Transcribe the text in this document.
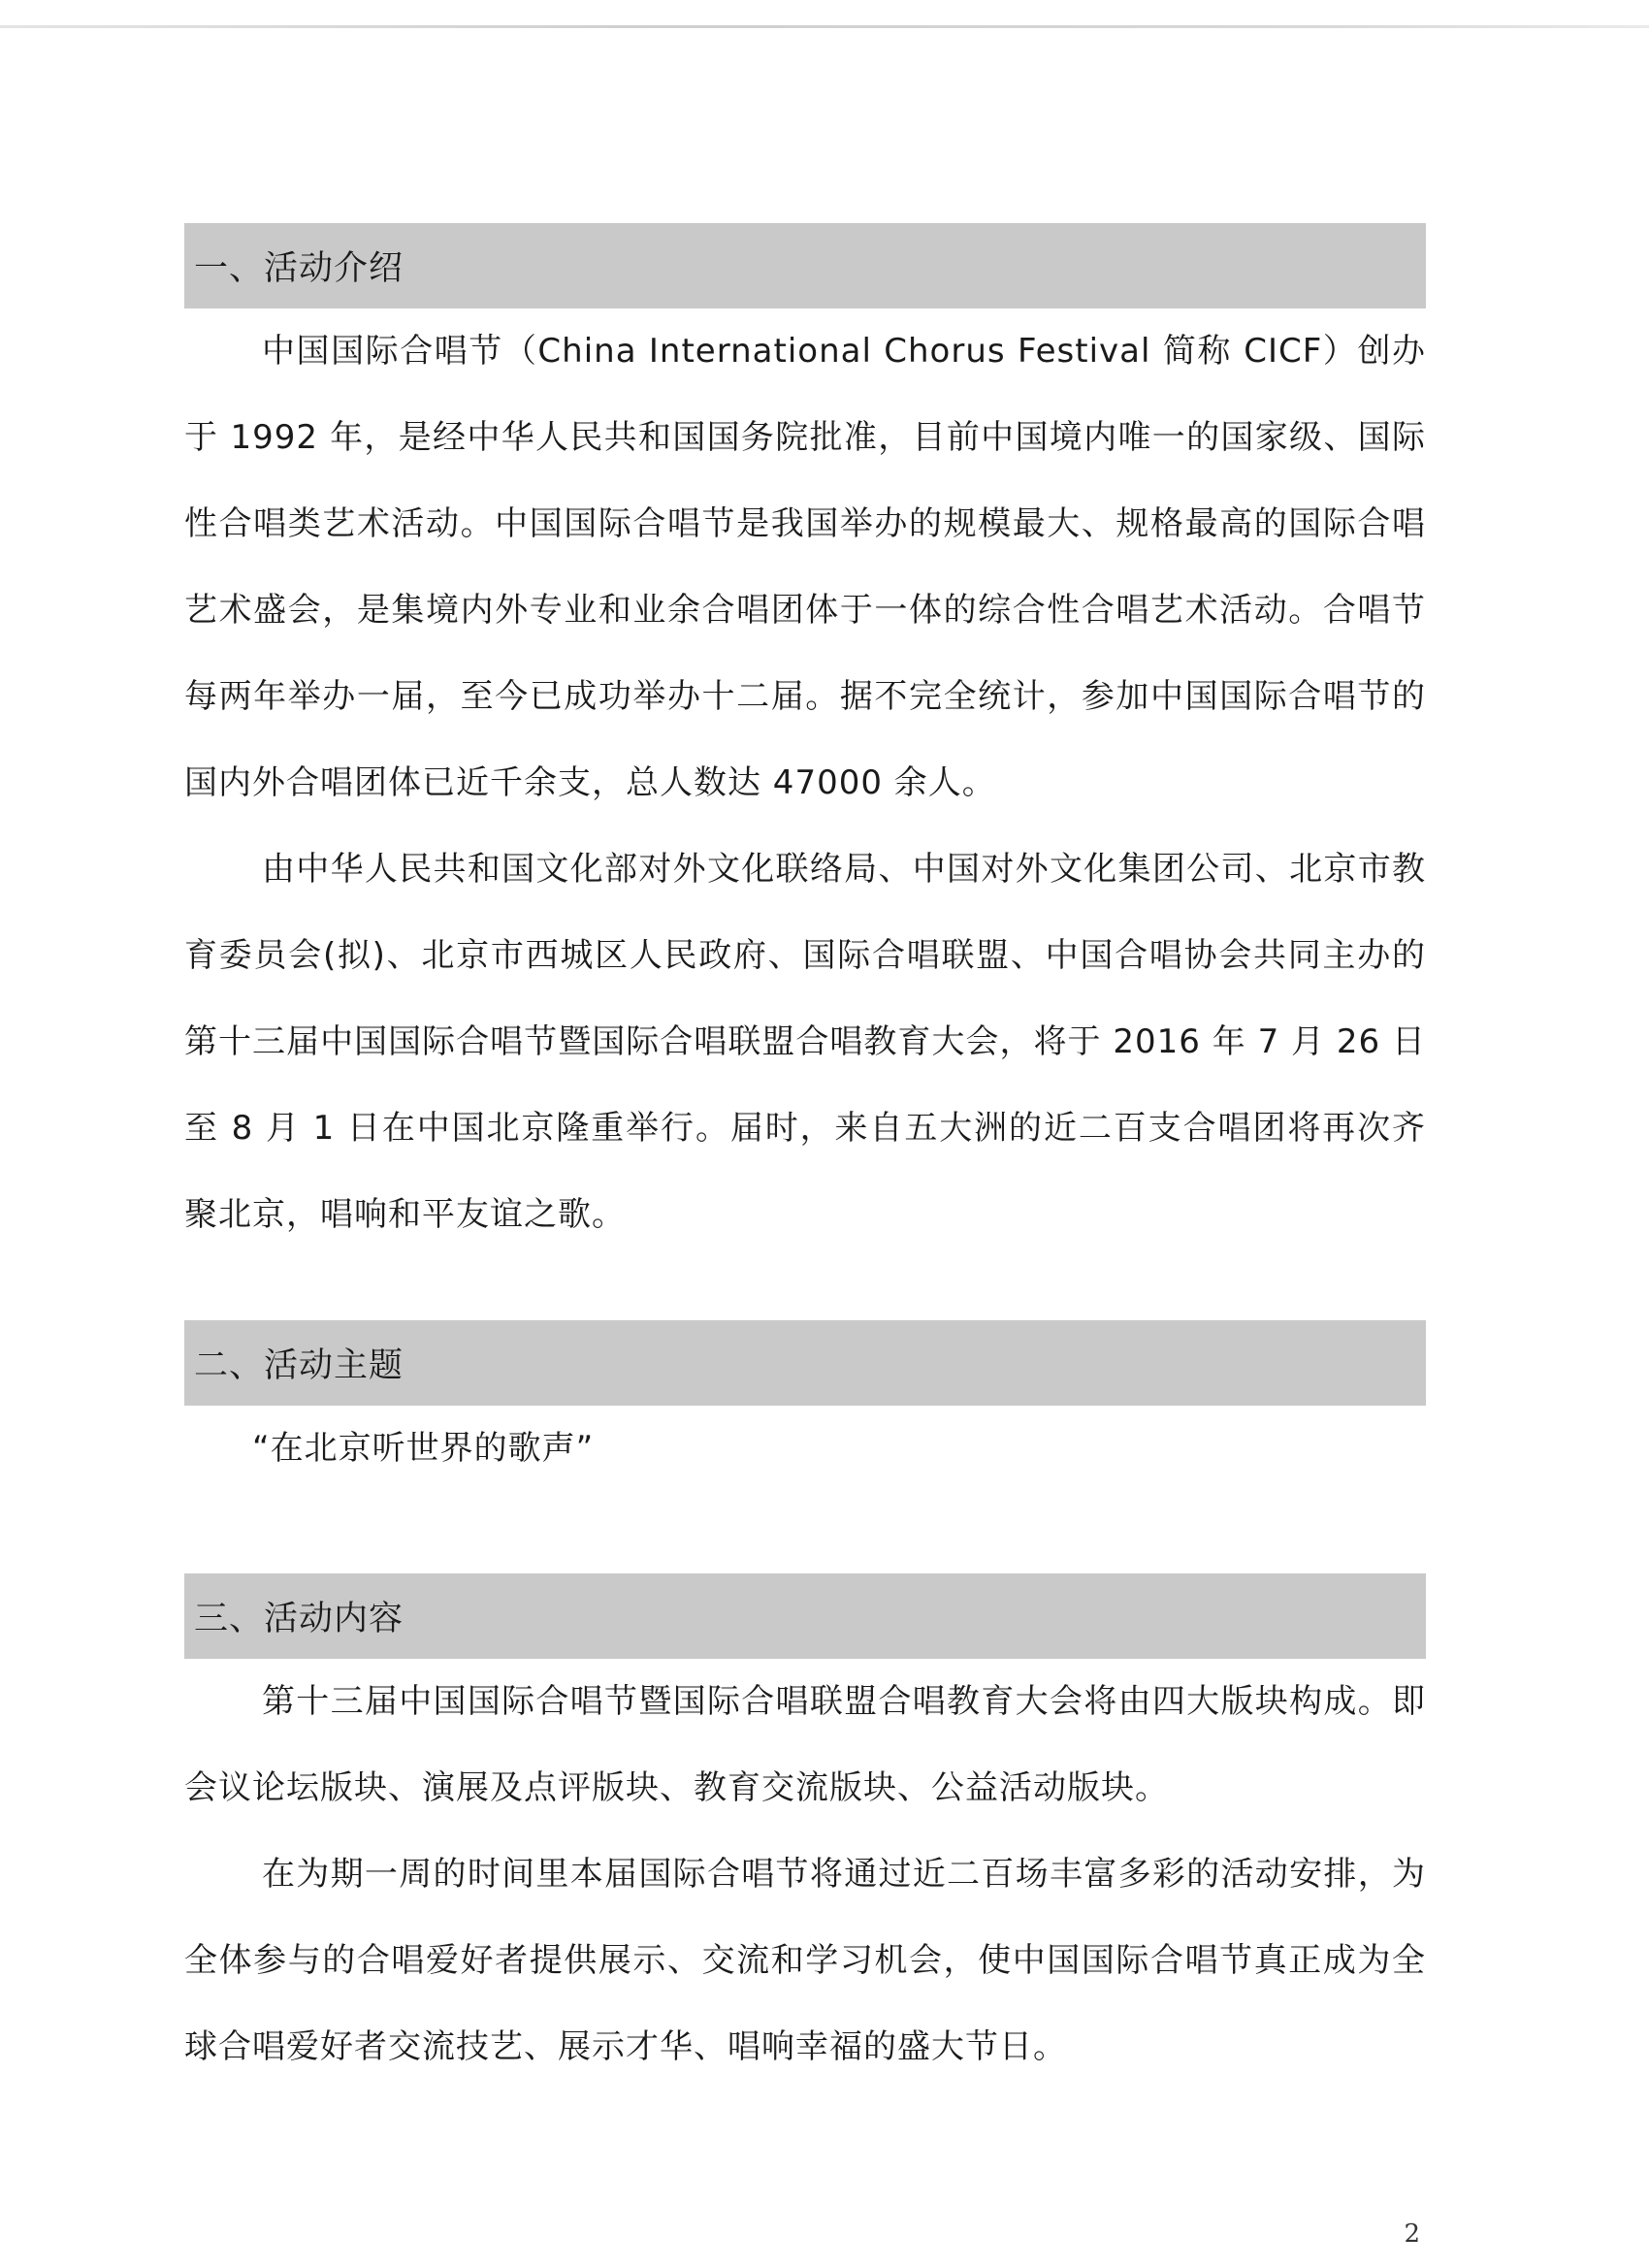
一、活动介绍

中国国际合唱节（China International Chorus Festival 简称 CICF）创办于 1992 年，是经中华人民共和国国务院批准，目前中国境内唯一的国家级、国际性合唱类艺术活动。中国国际合唱节是我国举办的规模最大、规格最高的国际合唱艺术盛会，是集境内外专业和业余合唱团体于一体的综合性合唱艺术活动。合唱节每两年举办一届，至今已成功举办十二届。据不完全统计，参加中国国际合唱节的国内外合唱团体已近千余支，总人数达 47000 余人。

由中华人民共和国文化部对外文化联络局、中国对外文化集团公司、北京市教育委员会(拟)、北京市西城区人民政府、国际合唱联盟、中国合唱协会共同主办的第十三届中国国际合唱节暨国际合唱联盟合唱教育大会，将于 2016 年 7 月 26 日至 8 月 1 日在中国北京隆重举行。届时，来自五大洲的近二百支合唱团将再次齐聚北京，唱响和平友谊之歌。

二、活动主题

“在北京听世界的歌声”

三、活动内容

第十三届中国国际合唱节暨国际合唱联盟合唱教育大会将由四大版块构成。即会议论坛版块、演展及点评版块、教育交流版块、公益活动版块。

在为期一周的时间里本届国际合唱节将通过近二百场丰富多彩的活动安排，为全体参与的合唱爱好者提供展示、交流和学习机会，使中国国际合唱节真正成为全球合唱爱好者交流技艺、展示才华、唱响幸福的盛大节日。

2
